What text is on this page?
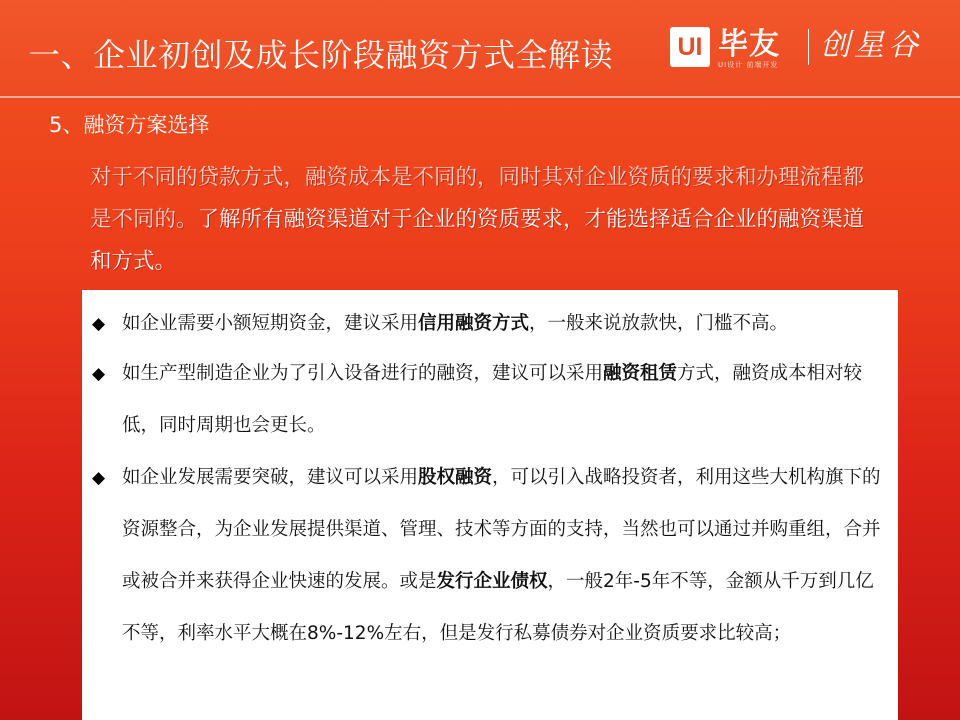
一、企业初创及成长阶段融资方式全解读	UI 毕友
UI设计 前端开发
创星谷
5、融资方案选择
对于不同的贷款方式，融资成本是不同的，同时其对企业资质的要求和办理流程都是不同的。了解所有融资渠道对于企业的资质要求，才能选择适合企业的融资渠道和方式。
◆ 如企业需要小额短期资金，建议采用信用融资方式，一般来说放款快，门槛不高。
◆ 如生产型制造企业为了引入设备进行的融资，建议可以采用融资租赁方式，融资成本相对较低，同时周期也会更长。
◆ 如企业发展需要突破，建议可以采用股权融资，可以引入战略投资者，利用这些大机构旗下的资源整合，为企业发展提供渠道、管理、技术等方面的支持，当然也可以通过并购重组，合并或被合并来获得企业快速的发展。或是发行企业债权，一般2年-5年不等，金额从千万到几亿不等，利率水平大概在8%-12%左右，但是发行私募债券对企业资质要求比较高；
